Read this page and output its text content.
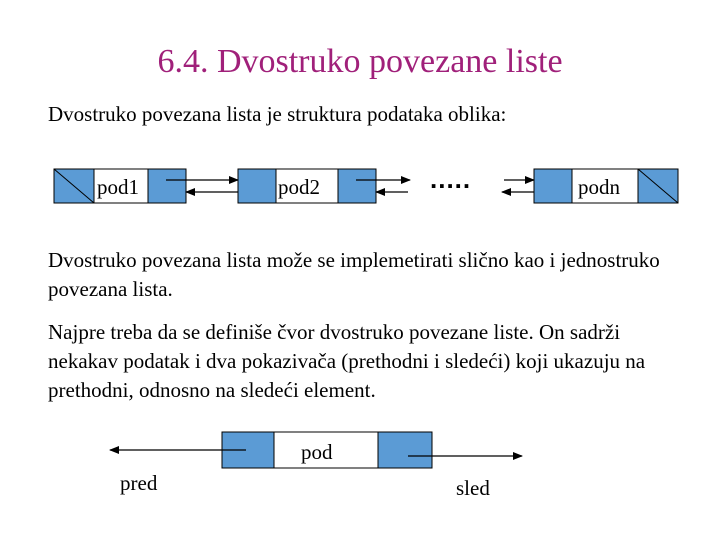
6.4. Dvostruko povezane liste
Dvostruko povezana lista je struktura podataka oblika:
Dvostruko povezana lista može se implemetirati slično kao i jednostruko povezana lista.
Najpre treba da se definiše čvor dvostruko povezane liste. On sadrži nekakav podatak i dva pokazivača (prethodni i sledeći) koji ukazuju na prethodni, odnosno na sledeći element.
pod1	pod2	.....	podn
pod
pred	sled
